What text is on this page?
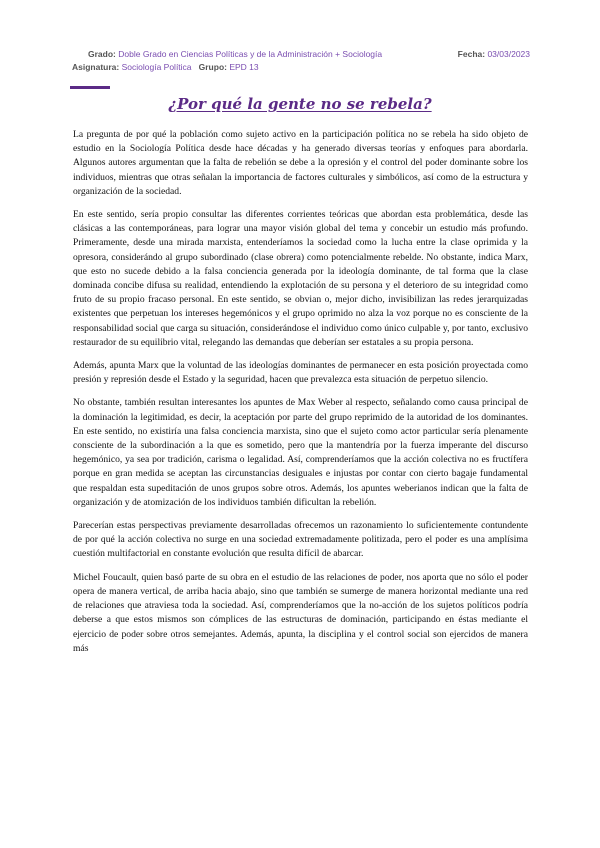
Grado: Doble Grado en Ciencias Políticas y de la Administración + Sociología	Fecha: 03/03/2023
Asignatura: Sociología Política Grupo: EPD 13
¿Por qué la gente no se rebela?

La pregunta de por qué la población como sujeto activo en la participación política no se rebela ha sido objeto de estudio en la Sociología Política desde hace décadas y ha generado diversas teorías y enfoques para abordarla. Algunos autores argumentan que la falta de rebelión se debe a la opresión y el control del poder dominante sobre los individuos, mientras que otras señalan la importancia de factores culturales y simbólicos, así como de la estructura y organización de la sociedad.

En este sentido, sería propio consultar las diferentes corrientes teóricas que abordan esta problemática, desde las clásicas a las contemporáneas, para lograr una mayor visión global del tema y concebir un estudio más profundo. Primeramente, desde una mirada marxista, entenderíamos la sociedad como la lucha entre la clase oprimida y la opresora, considerándo al grupo subordinado (clase obrera) como potencialmente rebelde. No obstante, indica Marx, que esto no sucede debido a la falsa conciencia generada por la ideología dominante, de tal forma que la clase dominada concibe difusa su realidad, entendiendo la explotación de su persona y el deterioro de su integridad como fruto de su propio fracaso personal. En este sentido, se obvian o, mejor dicho, invisibilizan las redes jerarquizadas existentes que perpetuan los intereses hegemónicos y el grupo oprimido no alza la voz porque no es consciente de la responsabilidad social que carga su situación, considerándose el individuo como único culpable y, por tanto, exclusivo restaurador de su equilibrio vital, relegando las demandas que deberían ser estatales a su propia persona.

Además, apunta Marx que la voluntad de las ideologías dominantes de permanecer en esta posición proyectada como presión y represión desde el Estado y la seguridad, hacen que prevalezca esta situación de perpetuo silencio.

No obstante, también resultan interesantes los apuntes de Max Weber al respecto, señalando como causa principal de la dominación la legitimidad, es decir, la aceptación por parte del grupo reprimido de la autoridad de los dominantes. En este sentido, no existiría una falsa conciencia marxista, sino que el sujeto como actor particular sería plenamente consciente de la subordinación a la que es sometido, pero que la mantendría por la fuerza imperante del discurso hegemónico, ya sea por tradición, carisma o legalidad. Así, comprenderíamos que la acción colectiva no es fructífera porque en gran medida se aceptan las circunstancias desiguales e injustas por contar con cierto bagaje fundamental que respaldan esta supeditación de unos grupos sobre otros. Además, los apuntes weberianos indican que la falta de organización y de atomización de los individuos también dificultan la rebelión.

Parecerían estas perspectivas previamente desarrolladas ofrecemos un razonamiento lo suficientemente contundente de por qué la acción colectiva no surge en una sociedad extremadamente politizada, pero el poder es una amplísima cuestión multifactorial en constante evolución que resulta difícil de abarcar.

Michel Foucault, quien basó parte de su obra en el estudio de las relaciones de poder, nos aporta que no sólo el poder opera de manera vertical, de arriba hacia abajo, sino que también se sumerge de manera horizontal mediante una red de relaciones que atraviesa toda la sociedad. Así, comprenderíamos que la no-acción de los sujetos políticos podría deberse a que estos mismos son cómplices de las estructuras de dominación, participando en éstas mediante el ejercicio de poder sobre otros semejantes. Además, apunta, la disciplina y el control social son ejercidos de manera más
